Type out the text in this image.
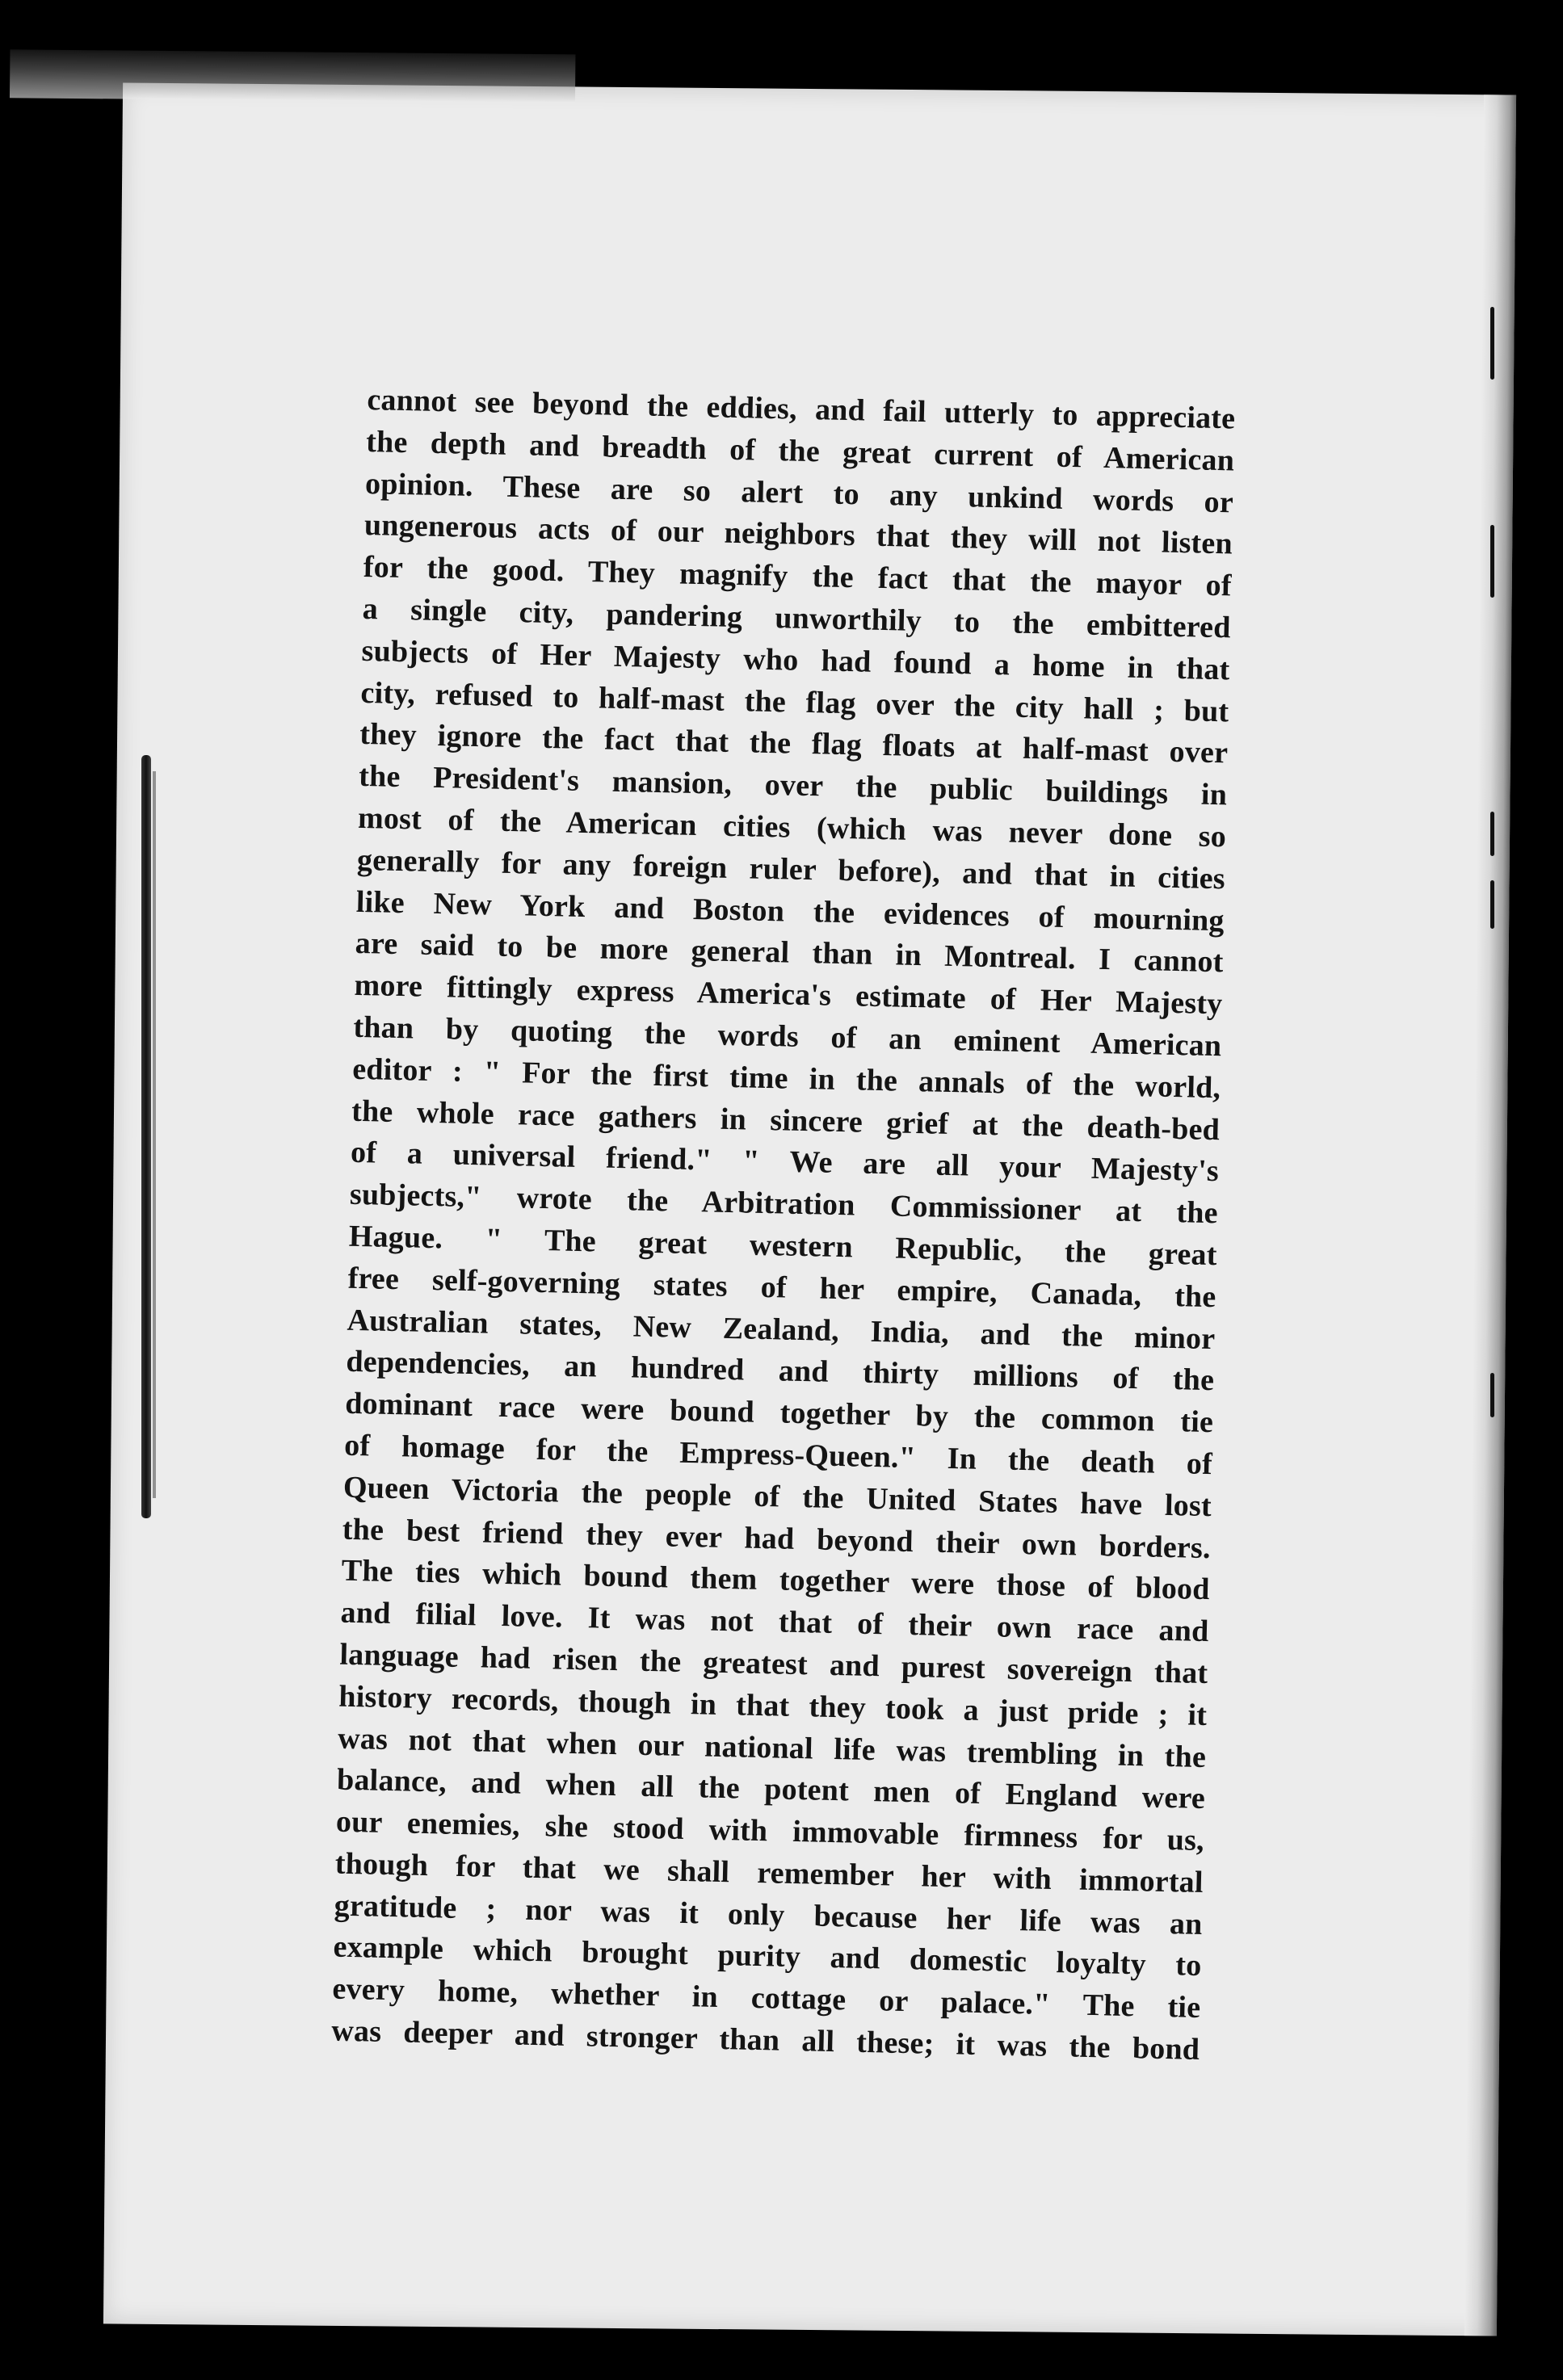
cannot see beyond the eddies, and fail utterly to appreciate
the depth and breadth of the great current of American
opinion. These are so alert to any unkind words or
ungenerous acts of our neighbors that they will not listen
for the good. They magnify the fact that the mayor of
a single city, pandering unworthily to the embittered
subjects of Her Majesty who had found a home in that
city, refused to half-mast the flag over the city hall ; but
they ignore the fact that the flag floats at half-mast over
the President's mansion, over the public buildings in
most of the American cities (which was never done so
generally for any foreign ruler before), and that in cities
like New York and Boston the evidences of mourning
are said to be more general than in Montreal. I cannot
more fittingly express America's estimate of Her Majesty
than by quoting the words of an eminent American
editor : " For the first time in the annals of the world,
the whole race gathers in sincere grief at the death-bed
of a universal friend." " We are all your Majesty's
subjects," wrote the Arbitration Commissioner at the
Hague. " The great western Republic, the great
free self-governing states of her empire, Canada, the
Australian states, New Zealand, India, and the minor
dependencies, an hundred and thirty millions of the
dominant race were bound together by the common tie
of homage for the Empress-Queen." In the death of
Queen Victoria the people of the United States have lost
the best friend they ever had beyond their own borders.
The ties which bound them together were those of blood
and filial love. It was not that of their own race and
language had risen the greatest and purest sovereign that
history records, though in that they took a just pride ; it
was not that when our national life was trembling in the
balance, and when all the potent men of England were
our enemies, she stood with immovable firmness for us,
though for that we shall remember her with immortal
gratitude ; nor was it only because her life was an
example which brought purity and domestic loyalty to
every home, whether in cottage or palace." The tie
was deeper and stronger than all these; it was the bond
